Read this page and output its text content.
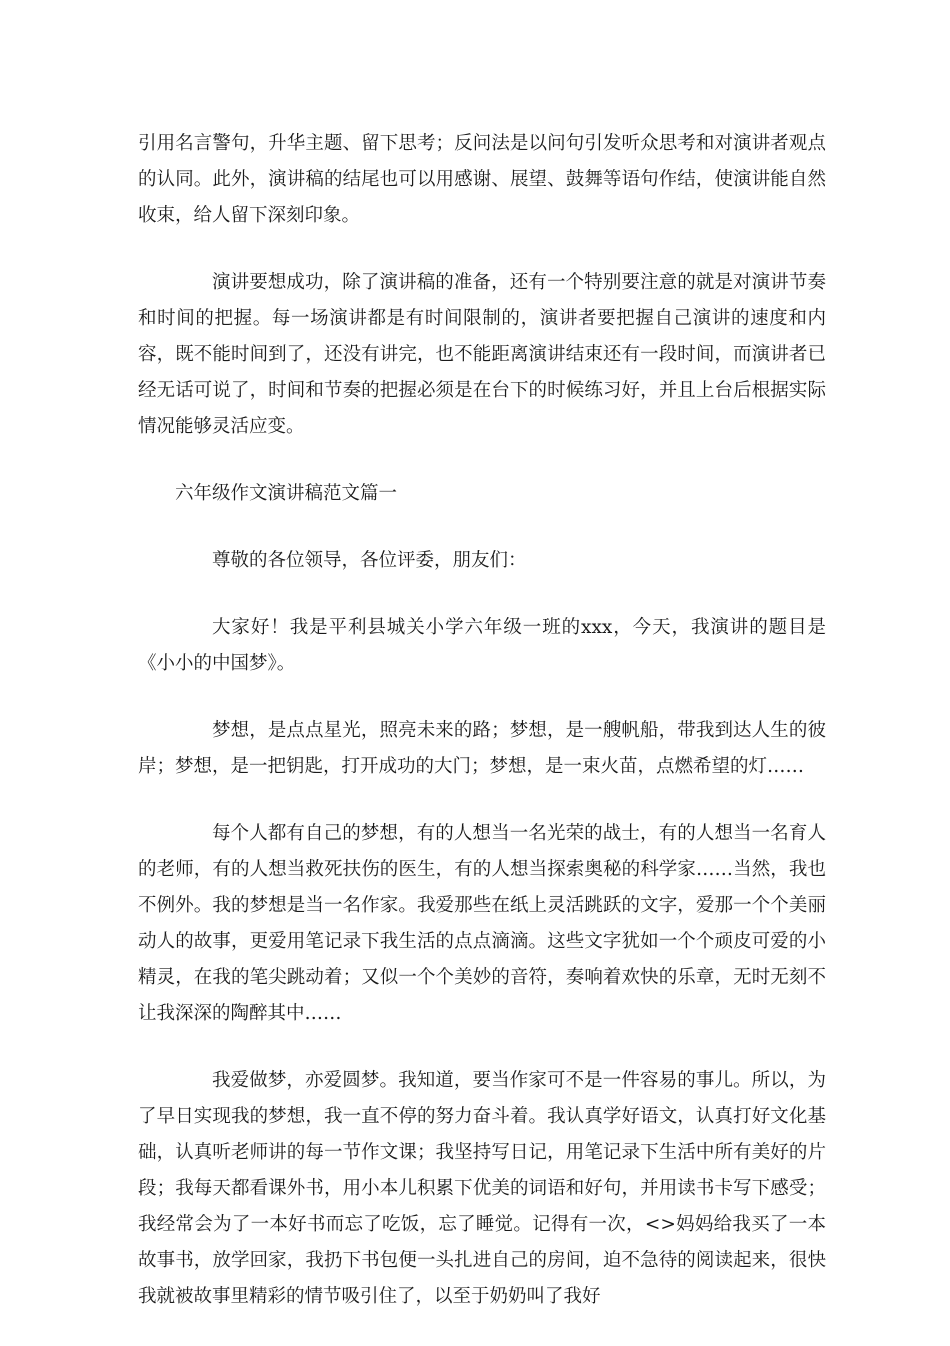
引用名言警句，升华主题、留下思考；反问法是以问句引发听众思考和对演讲者观点的认同。此外，演讲稿的结尾也可以用感谢、展望、鼓舞等语句作结，使演讲能自然收束，给人留下深刻印象。

演讲要想成功，除了演讲稿的准备，还有一个特别要注意的就是对演讲节奏和时间的把握。每一场演讲都是有时间限制的，演讲者要把握自己演讲的速度和内容，既不能时间到了，还没有讲完，也不能距离演讲结束还有一段时间，而演讲者已经无话可说了，时间和节奏的把握必须是在台下的时候练习好，并且上台后根据实际情况能够灵活应变。

六年级作文演讲稿范文篇一

尊敬的各位领导，各位评委，朋友们：

大家好！我是平利县城关小学六年级一班的xxx，今天，我演讲的题目是《小小的中国梦》。

梦想，是点点星光，照亮未来的路；梦想，是一艘帆船，带我到达人生的彼岸；梦想，是一把钥匙，打开成功的大门；梦想，是一束火苗，点燃希望的灯……

每个人都有自己的梦想，有的人想当一名光荣的战士，有的人想当一名育人的老师，有的人想当救死扶伤的医生，有的人想当探索奥秘的科学家……当然，我也不例外。我的梦想是当一名作家。我爱那些在纸上灵活跳跃的文字，爱那一个个美丽动人的故事，更爱用笔记录下我生活的点点滴滴。这些文字犹如一个个顽皮可爱的小精灵，在我的笔尖跳动着；又似一个个美妙的音符，奏响着欢快的乐章，无时无刻不让我深深的陶醉其中……

我爱做梦，亦爱圆梦。我知道，要当作家可不是一件容易的事儿。所以，为了早日实现我的梦想，我一直不停的努力奋斗着。我认真学好语文，认真打好文化基础，认真听老师讲的每一节作文课；我坚持写日记，用笔记录下生活中所有美好的片段；我每天都看课外书，用小本儿积累下优美的词语和好句，并用读书卡写下感受；我经常会为了一本好书而忘了吃饭，忘了睡觉。记得有一次，<>妈妈给我买了一本故事书，放学回家，我扔下书包便一头扎进自己的房间，迫不急待的阅读起来，很快我就被故事里精彩的情节吸引住了，以至于奶奶叫了我好
